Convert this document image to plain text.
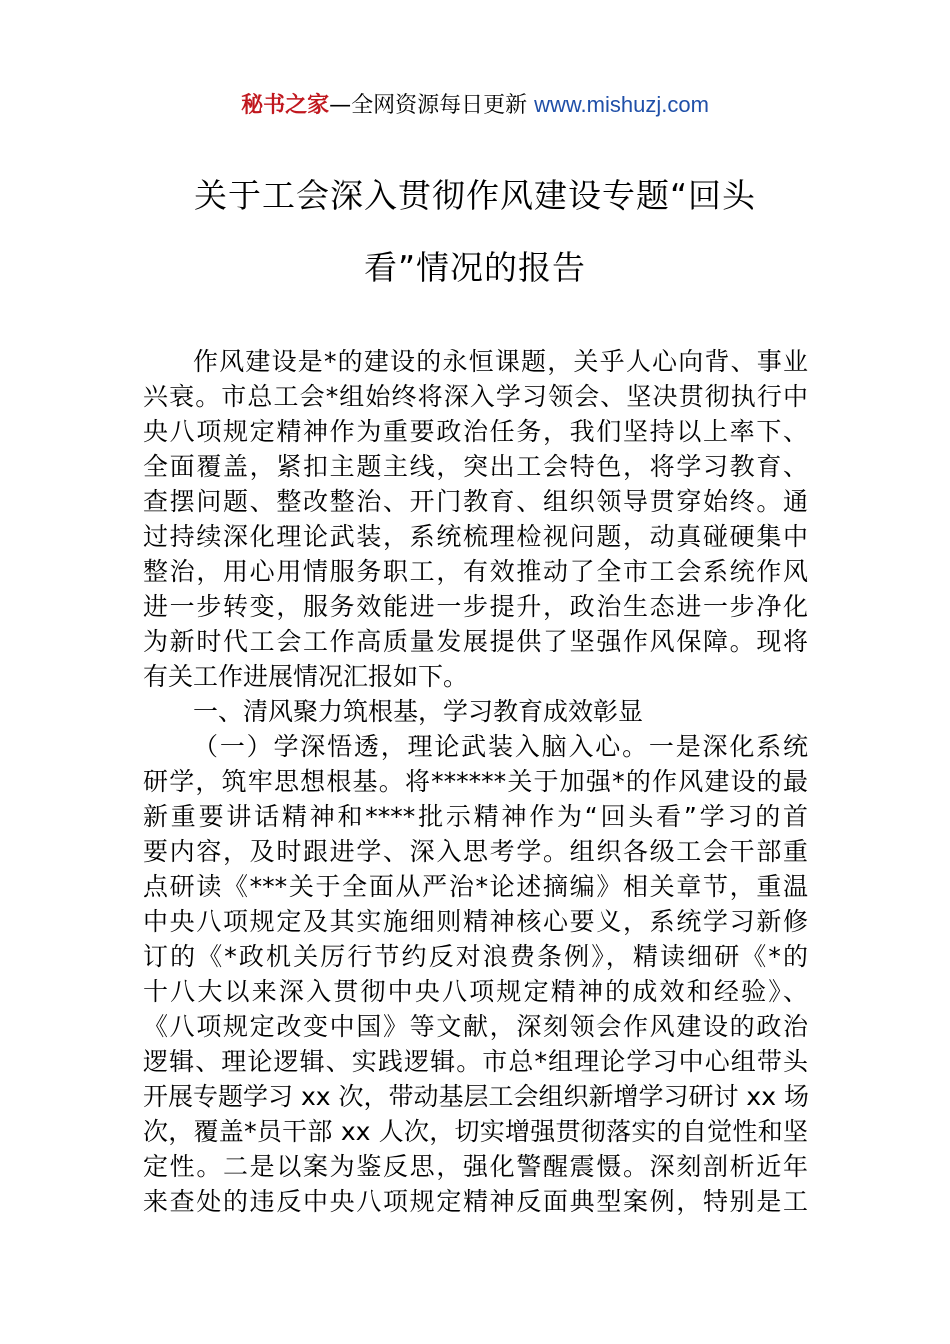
秘书之家—全网资源每日更新 www.mishuzj.com
关于工会深入贯彻作风建设专题“回头
看”情况的报告
作风建设是*的建设的永恒课题，关乎人心向背、事业
兴衰。市总工会*组始终将深入学习领会、坚决贯彻执行中
央八项规定精神作为重要政治任务，我们坚持以上率下、
全面覆盖，紧扣主题主线，突出工会特色，将学习教育、
查摆问题、整改整治、开门教育、组织领导贯穿始终。通
过持续深化理论武装，系统梳理检视问题，动真碰硬集中
整治，用心用情服务职工，有效推动了全市工会系统作风
进一步转变，服务效能进一步提升，政治生态进一步净化
为新时代工会工作高质量发展提供了坚强作风保障。现将
有关工作进展情况汇报如下。
一、清风聚力筑根基，学习教育成效彰显
（一）学深悟透，理论武装入脑入心。一是深化系统
研学，筑牢思想根基。将******关于加强*的作风建设的最
新重要讲话精神和****批示精神作为“回头看”学习的首
要内容，及时跟进学、深入思考学。组织各级工会干部重
点研读《***关于全面从严治*论述摘编》相关章节，重温
中央八项规定及其实施细则精神核心要义，系统学习新修
订的《*政机关厉行节约反对浪费条例》，精读细研《*的
十八大以来深入贯彻中央八项规定精神的成效和经验》、
《八项规定改变中国》等文献，深刻领会作风建设的政治
逻辑、理论逻辑、实践逻辑。市总*组理论学习中心组带头
开展专题学习 xx 次，带动基层工会组织新增学习研讨 xx 场
次，覆盖*员干部 xx 人次，切实增强贯彻落实的自觉性和坚
定性。二是以案为鉴反思，强化警醒震慑。深刻剖析近年
来查处的违反中央八项规定精神反面典型案例，特别是工
